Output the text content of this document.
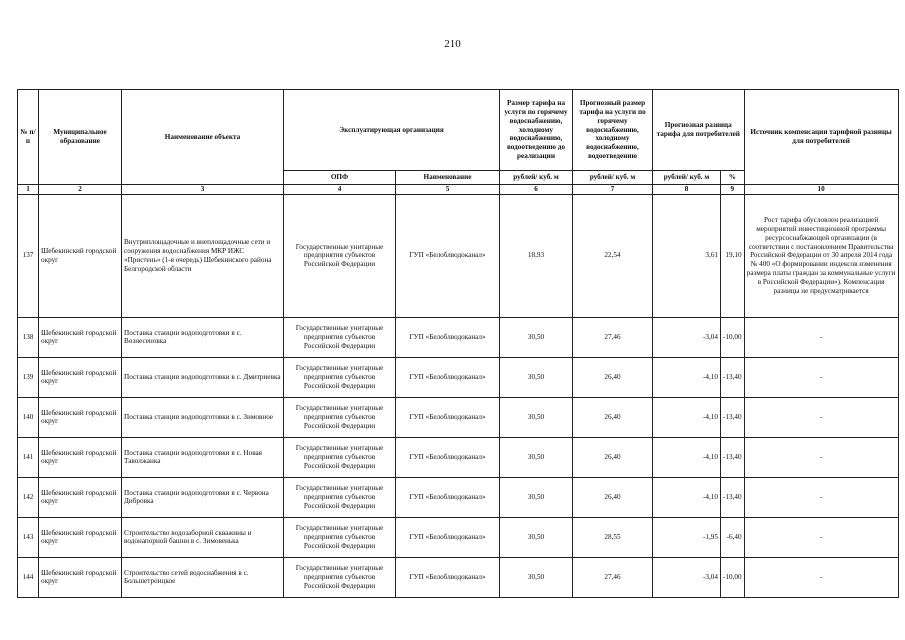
210
№ п/п	Муниципальное образование	Наименование объекта	Эксплуатирующая организация		Размер тарифа на услуги по горячему водоснабжению, холодному водоснабжению, водоотведению до реализации	Прогнозный размер тарифа на услуги по горячему водоснабжению, холодному водоснабжению, водоотведению	Прогнозная разница тарифа для потребителей		Источник компенсации тарифной разницы для потребителей
			ОПФ	Наименование	рублей/ куб. м	рублей/ куб. м	рублей/ куб. м	%	
1	2	3	4	5	6	7	8	9	10
137	Шебекинский городской округ	Внутриплощадочные и внеплощадочные сети и сооружения водоснабжения МКР ИЖС «Пристень» (1-я очередь) Шебекинского района Белгородской области	Государственные унитарные предприятия субъектов Российской Федерации	ГУП «Белоблводоканал»	18,93	22,54	3,61	19,10	Рост тарифа обусловлен реализацией мероприятий инвестиционной программы ресурсоснабжающей организации (в соответствии с постановлением Правительства Российской Федерации от 30 апреля 2014 года № 400 «О формировании индексов изменения размера платы граждан за коммунальные услуги в Российской Федерации»). Компенсация разницы не предусматривается
138	Шебекинский городской округ	Поставка станции водоподготовки в с. Вознесеновка	Государственные унитарные предприятия субъектов Российской Федерации	ГУП «Белоблводоканал»	30,50	27,46	-3,04	-10,00	-
139	Шебекинский городской округ	Поставка станции водоподготовки в с. Дмитриевка	Государственные унитарные предприятия субъектов Российской Федерации	ГУП «Белоблводоканал»	30,50	26,40	-4,10	-13,40	-
140	Шебекинский городской округ	Поставка станции водоподготовки в с. Зимовное	Государственные унитарные предприятия субъектов Российской Федерации	ГУП «Белоблводоканал»	30,50	26,40	-4,10	-13,40	-
141	Шебекинский городской округ	Поставка станции водоподготовки в с. Новая Таволжанка	Государственные унитарные предприятия субъектов Российской Федерации	ГУП «Белоблводоканал»	30,50	26,40	-4,10	-13,40	-
142	Шебекинский городской округ	Поставка станции водоподготовки в с. Червона Дибровка	Государственные унитарные предприятия субъектов Российской Федерации	ГУП «Белоблводоканал»	30,50	26,40	-4,10	-13,40	-
143	Шебекинский городской округ	Строительство водозаборной скважины и водонапорной башни в с. Зимовенька	Государственные унитарные предприятия субъектов Российской Федерации	ГУП «Белоблводоканал»	30,50	28,55	-1,95	-6,40	-
144	Шебекинский городской округ	Строительство сетей водоснабжения в с. Большетроицкое	Государственные унитарные предприятия субъектов Российской Федерации	ГУП «Белоблводоканал»	30,50	27,46	-3,04	-10,00	-
